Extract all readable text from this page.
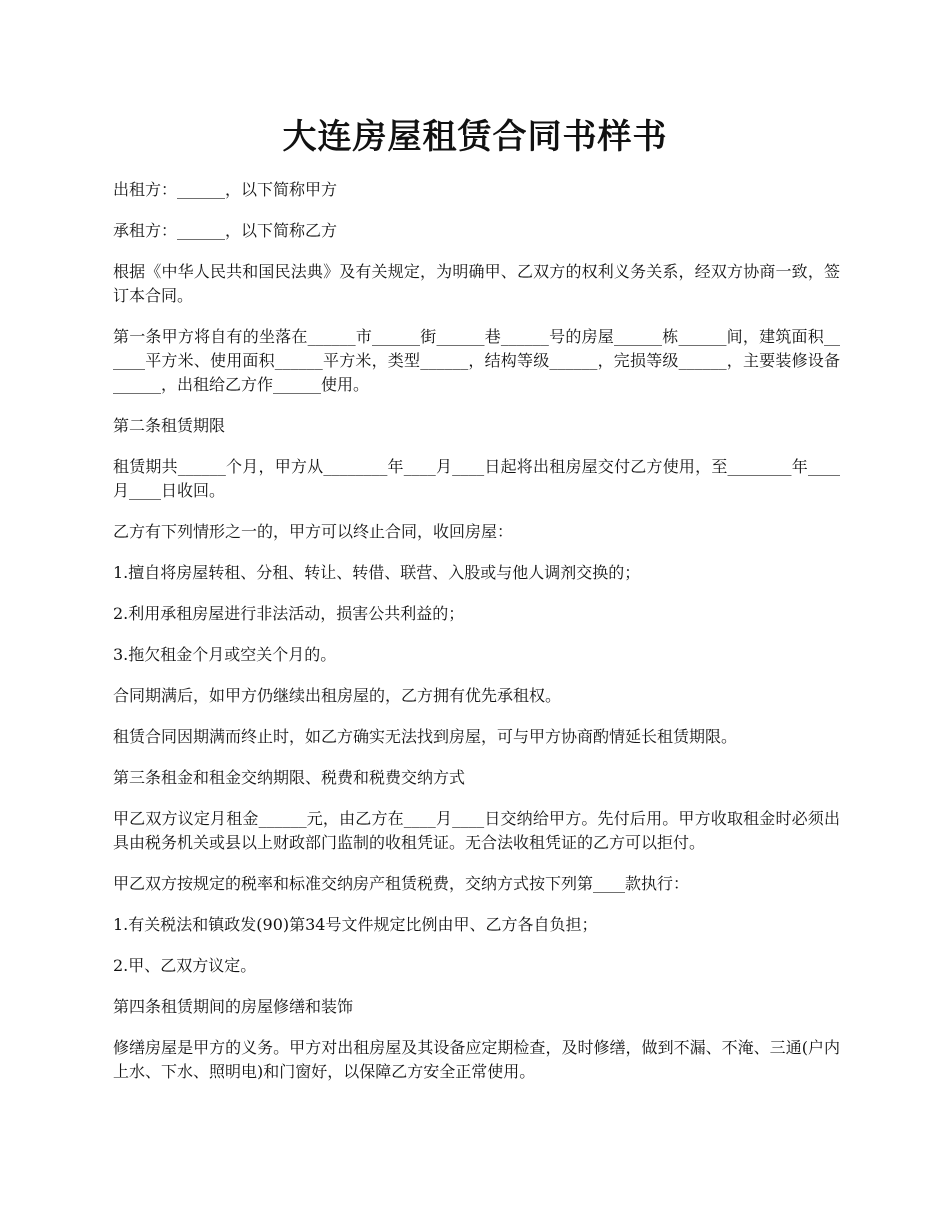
大连房屋租赁合同书样书

出租方：______，以下简称甲方

承租方：______，以下简称乙方

根据《中华人民共和国民法典》及有关规定，为明确甲、乙双方的权利义务关系，经双方协商一致，签订本合同。

第一条甲方将自有的坐落在______市______街______巷______号的房屋______栋______间，建筑面积______平方米、使用面积______平方米，类型______，结构等级______，完损等级______，主要装修设备______，出租给乙方作______使用。

第二条租赁期限

租赁期共______个月，甲方从________年____月____日起将出租房屋交付乙方使用，至________年____月____日收回。

乙方有下列情形之一的，甲方可以终止合同，收回房屋：

1.擅自将房屋转租、分租、转让、转借、联营、入股或与他人调剂交换的；

2.利用承租房屋进行非法活动，损害公共利益的；

3.拖欠租金个月或空关个月的。

合同期满后，如甲方仍继续出租房屋的，乙方拥有优先承租权。

租赁合同因期满而终止时，如乙方确实无法找到房屋，可与甲方协商酌情延长租赁期限。

第三条租金和租金交纳期限、税费和税费交纳方式

甲乙双方议定月租金______元，由乙方在____月____日交纳给甲方。先付后用。甲方收取租金时必须出具由税务机关或县以上财政部门监制的收租凭证。无合法收租凭证的乙方可以拒付。

甲乙双方按规定的税率和标准交纳房产租赁税费，交纳方式按下列第____款执行：

1.有关税法和镇政发(90)第34号文件规定比例由甲、乙方各自负担；

2.甲、乙双方议定。

第四条租赁期间的房屋修缮和装饰

修缮房屋是甲方的义务。甲方对出租房屋及其设备应定期检查，及时修缮，做到不漏、不淹、三通(户内上水、下水、照明电)和门窗好，以保障乙方安全正常使用。
